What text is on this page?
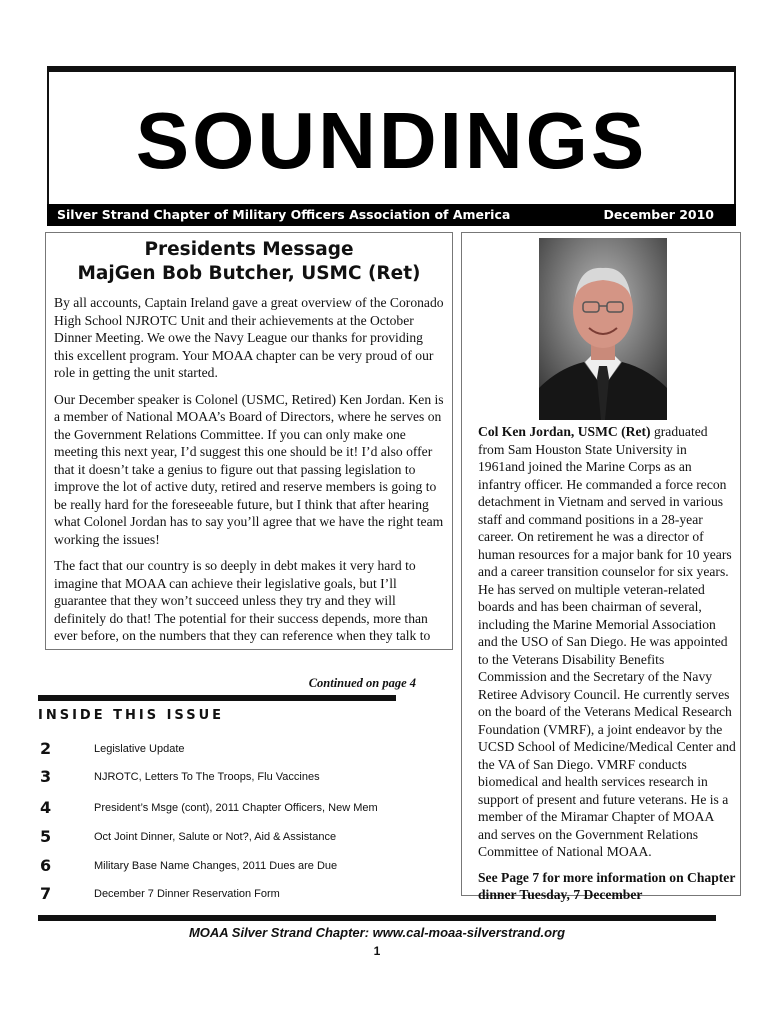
SOUNDINGS
Silver Strand Chapter of Military Officers Association of America	December 2010
Presidents Message
MajGen Bob Butcher, USMC (Ret)

By all accounts, Captain Ireland gave a great overview of the Coronado High School NJROTC Unit and their achievements at the October Dinner Meeting. We owe the Navy League our thanks for providing this excellent program. Your MOAA chapter can be very proud of our role in getting the unit started.

Our December speaker is Colonel (USMC, Retired) Ken Jordan. Ken is a member of National MOAA’s Board of Directors, where he serves on the Government Relations Committee. If you can only make one meeting this next year, I’d suggest this one should be it! I’d also offer that it doesn’t take a genius to figure out that passing legislation to improve the lot of active duty, retired and reserve members is going to be really hard for the foreseeable future, but I think that after hearing what Colonel Jordan has to say you’ll agree that we have the right team working the issues!

The fact that our country is so deeply in debt makes it very hard to imagine that MOAA can achieve their legislative goals, but I’ll guarantee that they won’t succeed unless they try and they will definitely do that! The potential for their success depends, more than ever before, on the numbers that they can reference when they talk to

Continued on page 4
INSIDE THIS ISSUE
2	Legislative Update
3	NJROTC, Letters To The Troops, Flu Vaccines
4	President’s Msge (cont), 2011 Chapter Officers, New Mem
5	Oct Joint Dinner, Salute or Not?, Aid & Assistance
6	Military Base Name Changes, 2011 Dues are Due
7	December 7 Dinner Reservation Form

Col Ken Jordan, USMC (Ret) graduated from Sam Houston State University in 1961and joined the Marine Corps as an infantry officer. He commanded a force recon detachment in Vietnam and served in various staff and command positions in a 28-year career. On retirement he was a director of human resources for a major bank for 10 years and a career transition counselor for six years. He has served on multiple veteran-related boards and has been chairman of several, including the Marine Memorial Association and the USO of San Diego. He was appointed to the Veterans Disability Benefits Commission and the Secretary of the Navy Retiree Advisory Council. He currently serves on the board of the Veterans Medical Research Foundation (VMRF), a joint endeavor by the UCSD School of Medicine/Medical Center and the VA of San Diego. VMRF conducts biomedical and health services research in support of present and future veterans. He is a member of the Miramar Chapter of MOAA and serves on the Government Relations Committee of National MOAA.

See Page 7 for more information on Chapter dinner Tuesday, 7 December

MOAA Silver Strand Chapter: www.cal-moaa-silverstrand.org
1
